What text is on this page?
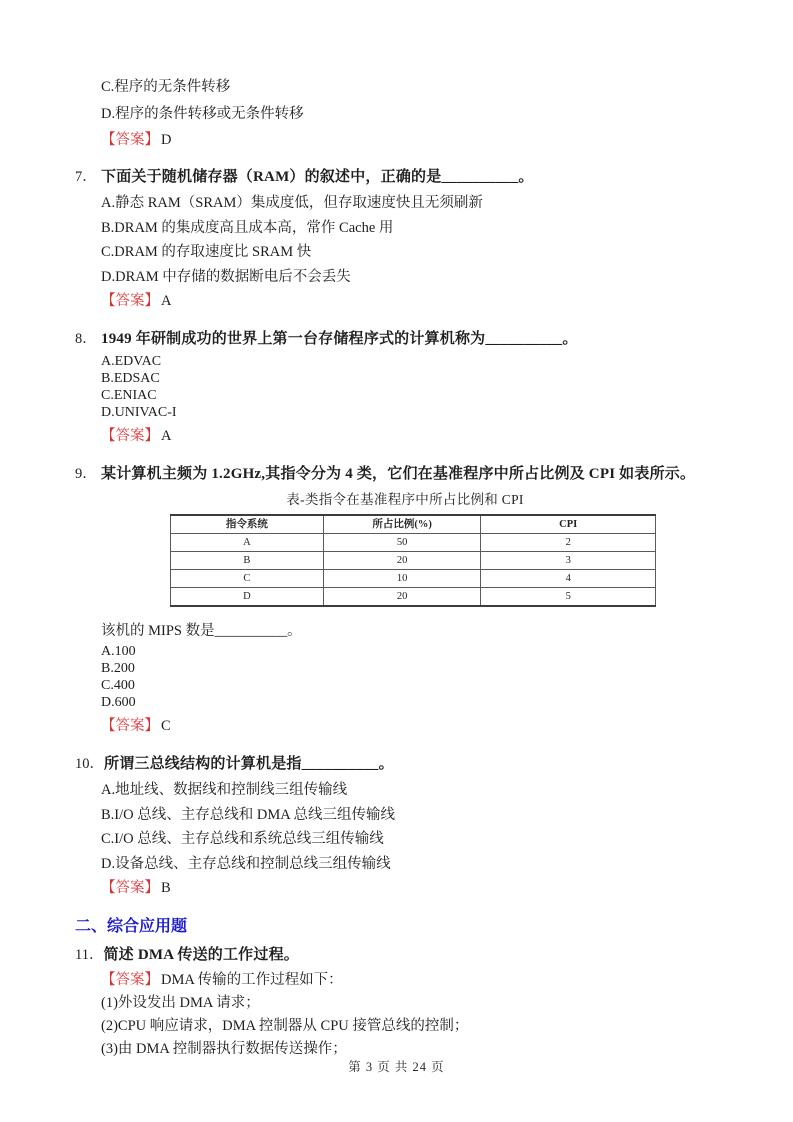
C.程序的无条件转移
D.程序的条件转移或无条件转移
【答案】 D
7． 下面关于随机储存器（RAM）的叙述中，正确的是__________。
A.静态 RAM（SRAM）集成度低，但存取速度快且无须刷新
B.DRAM 的集成度高且成本高，常作 Cache 用
C.DRAM 的存取速度比 SRAM 快
D.DRAM 中存储的数据断电后不会丢失
【答案】 A
8． 1949 年研制成功的世界上第一台存储程序式的计算机称为__________。
A.EDVAC
B.EDSAC
C.ENIAC
D.UNIVAC-I
【答案】 A
9． 某计算机主频为 1.2GHz,其指令分为 4 类，它们在基准程序中所占比例及 CPI 如表所示。
表-类指令在基准程序中所占比例和 CPI
指令系统	所占比例(%)	CPI
A	50	2
B	20	3
C	10	4
D	20	5
该机的 MIPS 数是__________。
A.100
B.200
C.400
D.600
【答案】 C
10．所谓三总线结构的计算机是指__________。
A.地址线、数据线和控制线三组传输线
B.I/O 总线、主存总线和 DMA 总线三组传输线
C.I/O 总线、主存总线和系统总线三组传输线
D.设备总线、主存总线和控制总线三组传输线
【答案】 B
二、综合应用题
11．简述 DMA 传送的工作过程。
【答案】 DMA 传输的工作过程如下：
(1)外设发出 DMA 请求；
(2)CPU 响应请求，DMA 控制器从 CPU 接管总线的控制；
(3)由 DMA 控制器执行数据传送操作；
第 3 页 共 24 页
